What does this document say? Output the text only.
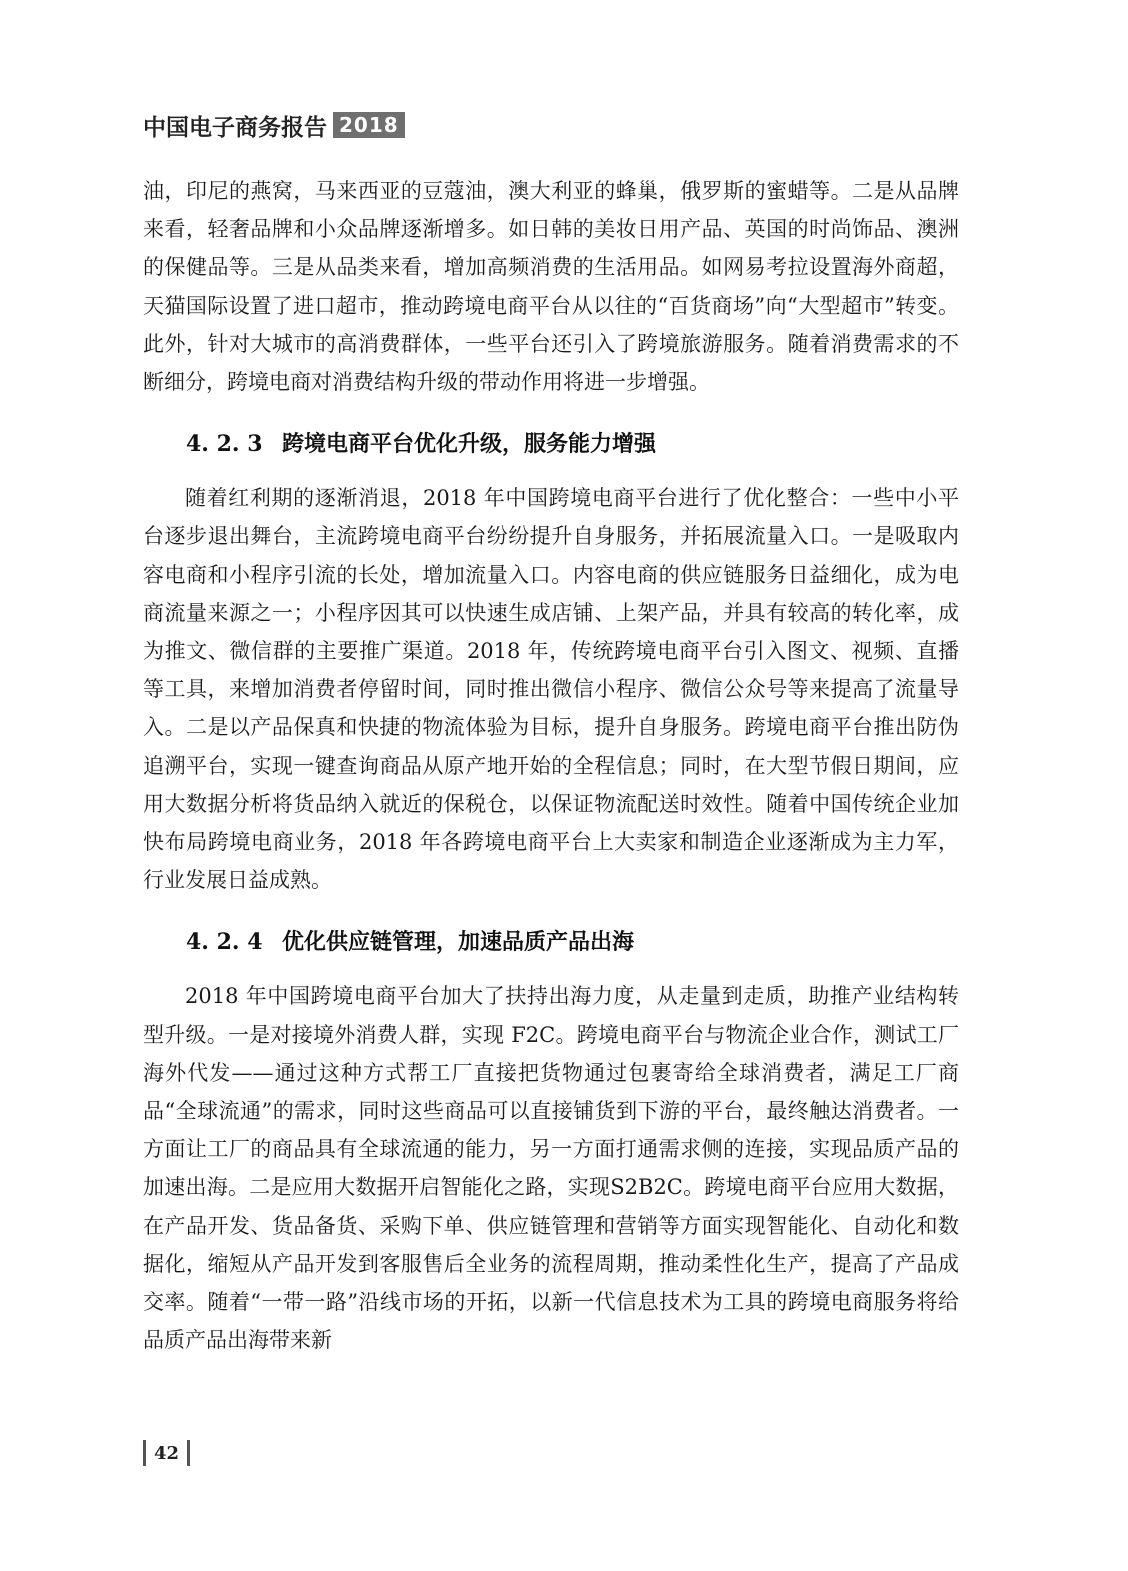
中国电子商务报告 2018

油，印尼的燕窝，马来西亚的豆蔻油，澳大利亚的蜂巢，俄罗斯的蜜蜡等。二是从品牌来看，轻奢品牌和小众品牌逐渐增多。如日韩的美妆日用产品、英国的时尚饰品、澳洲的保健品等。三是从品类来看，增加高频消费的生活用品。如网易考拉设置海外商超，天猫国际设置了进口超市，推动跨境电商平台从以往的“百货商场”向“大型超市”转变。此外，针对大城市的高消费群体，一些平台还引入了跨境旅游服务。随着消费需求的不断细分，跨境电商对消费结构升级的带动作用将进一步增强。

4. 2. 3 跨境电商平台优化升级，服务能力增强

随着红利期的逐渐消退，2018 年中国跨境电商平台进行了优化整合：一些中小平台逐步退出舞台，主流跨境电商平台纷纷提升自身服务，并拓展流量入口。一是吸取内容电商和小程序引流的长处，增加流量入口。内容电商的供应链服务日益细化，成为电商流量来源之一；小程序因其可以快速生成店铺、上架产品，并具有较高的转化率，成为推文、微信群的主要推广渠道。2018 年，传统跨境电商平台引入图文、视频、直播等工具，来增加消费者停留时间，同时推出微信小程序、微信公众号等来提高了流量导入。二是以产品保真和快捷的物流体验为目标，提升自身服务。跨境电商平台推出防伪追溯平台，实现一键查询商品从原产地开始的全程信息；同时，在大型节假日期间，应用大数据分析将货品纳入就近的保税仓，以保证物流配送时效性。随着中国传统企业加快布局跨境电商业务，2018 年各跨境电商平台上大卖家和制造企业逐渐成为主力军，行业发展日益成熟。

4. 2. 4 优化供应链管理，加速品质产品出海

2018 年中国跨境电商平台加大了扶持出海力度，从走量到走质，助推产业结构转型升级。一是对接境外消费人群，实现 F2C。跨境电商平台与物流企业合作，测试工厂海外代发——通过这种方式帮工厂直接把货物通过包裹寄给全球消费者，满足工厂商品“全球流通”的需求，同时这些商品可以直接铺货到下游的平台，最终触达消费者。一方面让工厂的商品具有全球流通的能力，另一方面打通需求侧的连接，实现品质产品的加速出海。二是应用大数据开启智能化之路，实现S2B2C。跨境电商平台应用大数据，在产品开发、货品备货、采购下单、供应链管理和营销等方面实现智能化、自动化和数据化，缩短从产品开发到客服售后全业务的流程周期，推动柔性化生产，提高了产品成交率。随着“一带一路”沿线市场的开拓，以新一代信息技术为工具的跨境电商服务将给品质产品出海带来新

42
